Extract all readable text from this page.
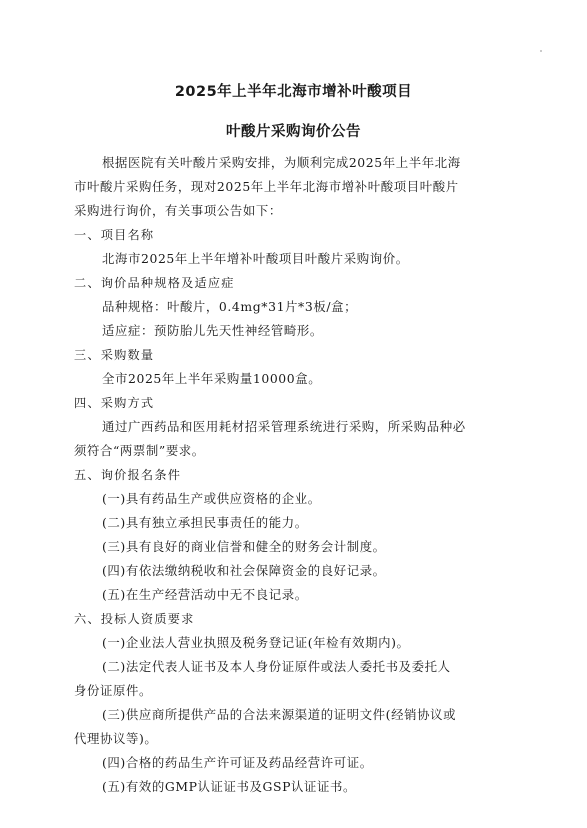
2025年上半年北海市增补叶酸项目
叶酸片采购询价公告
根据医院有关叶酸片采购安排，为顺利完成2025年上半年北海
市叶酸片采购任务，现对2025年上半年北海市增补叶酸项目叶酸片
采购进行询价，有关事项公告如下：
一、项目名称
北海市2025年上半年增补叶酸项目叶酸片采购询价。
二、询价品种规格及适应症
品种规格：叶酸片，0.4mg*31片*3板/盒；
适应症：预防胎儿先天性神经管畸形。
三、采购数量
全市2025年上半年采购量10000盒。
四、采购方式
通过广西药品和医用耗材招采管理系统进行采购，所采购品种必
须符合“两票制”要求。
五、询价报名条件
(一)具有药品生产或供应资格的企业。
(二)具有独立承担民事责任的能力。
(三)具有良好的商业信誉和健全的财务会计制度。
(四)有依法缴纳税收和社会保障资金的良好记录。
(五)在生产经营活动中无不良记录。
六、投标人资质要求
(一)企业法人营业执照及税务登记证(年检有效期内)。
(二)法定代表人证书及本人身份证原件或法人委托书及委托人
身份证原件。
(三)供应商所提供产品的合法来源渠道的证明文件(经销协议或
代理协议等)。
(四)合格的药品生产许可证及药品经营许可证。
(五)有效的GMP认证证书及GSP认证证书。
